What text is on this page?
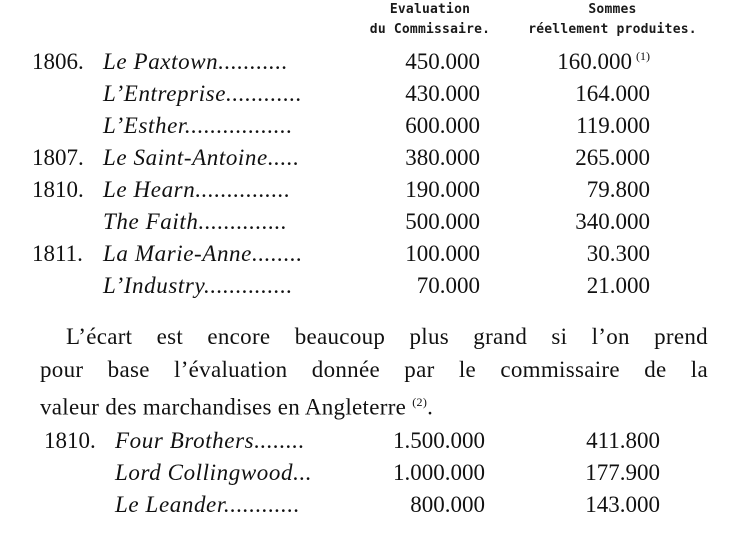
Evaluation
du Commissaire.
Sommes
réellement produites.
1806. Le Paxtown...........	450.000	160.000 $^{(1)}$
L’Entreprise............	430.000	164.000
L’Esther.................	600.000	119.000
1807. Le Saint-Antoine.....	380.000	265.000
1810. Le Hearn...............	190.000	79.800
The Faith..............	500.000	340.000
1811. La Marie-Anne........	100.000	30.300
L’Industry..............	70.000	21.000
L’écart est encore beaucoup plus grand si l’on prend
pour base l’évaluation donnée par le commissaire de la
valeur des marchandises en Angleterre $^{(2)}$.
1810. Four Brothers........	1.500.000	411.800
Lord Collingwood...	1.000.000	177.900
Le Leander............	800.000	143.000
